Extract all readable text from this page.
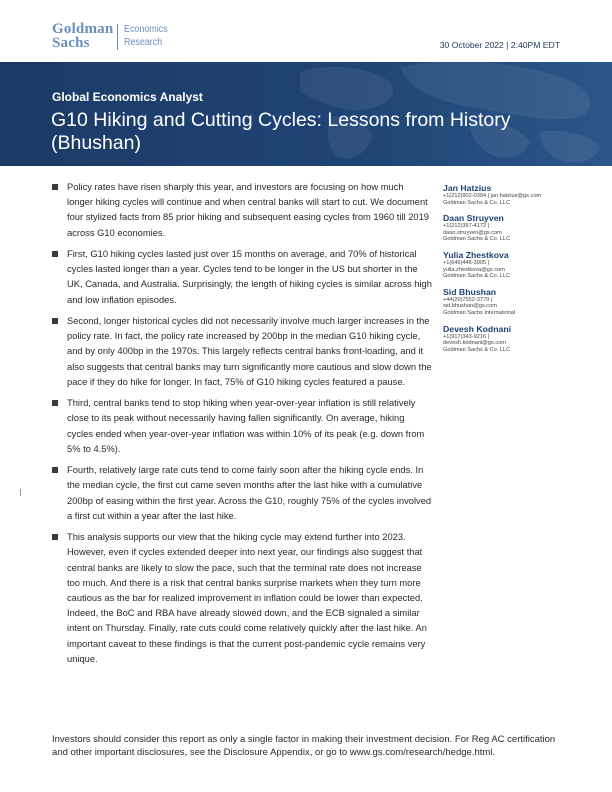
Goldman
Sachs
Economics
Research	30 October 2022 | 2:40PM EDT
Global Economics Analyst
G10 Hiking and Cutting Cycles: Lessons from History (Bhushan)
Policy rates have risen sharply this year, and investors are focusing on how much longer hiking cycles will continue and when central banks will start to cut. We document four stylized facts from 85 prior hiking and subsequent easing cycles from 1960 till 2019 across G10 economies.
First, G10 hiking cycles lasted just over 15 months on average, and 70% of historical cycles lasted longer than a year. Cycles tend to be longer in the US but shorter in the UK, Canada, and Australia. Surprisingly, the length of hiking cycles is similar across high and low inflation episodes.
Second, longer historical cycles did not necessarily involve much larger increases in the policy rate. In fact, the policy rate increased by 200bp in the median G10 hiking cycle, and by only 400bp in the 1970s. This largely reflects central banks front-loading, and it also suggests that central banks may turn significantly more cautious and slow down the pace if they do hike for longer. In fact, 75% of G10 hiking cycles featured a pause.
Third, central banks tend to stop hiking when year-over-year inflation is still relatively close to its peak without necessarily having fallen significantly. On average, hiking cycles ended when year-over-year inflation was within 10% of its peak (e.g. down from 5% to 4.5%).
Fourth, relatively large rate cuts tend to come fairly soon after the hiking cycle ends. In the median cycle, the first cut came seven months after the last hike with a cumulative 200bp of easing within the first year. Across the G10, roughly 75% of the cycles involved a first cut within a year after the last hike.
This analysis supports our view that the hiking cycle may extend further into 2023. However, even if cycles extended deeper into next year, our findings also suggest that central banks are likely to slow the pace, such that the terminal rate does not increase too much. And there is a risk that central banks surprise markets when they turn more cautious as the bar for realized improvement in inflation could be lower than expected. Indeed, the BoC and RBA have already slowed down, and the ECB signaled a similar intent on Thursday. Finally, rate cuts could come relatively quickly after the last hike. An important caveat to these findings is that the current post-pandemic cycle remains very unique.
Jan Hatzius
+1(212)902-0394 | jan.hatzius@gs.com
Goldman Sachs & Co. LLC
Daan Struyven
+1(212)357-4172 |
daan.struyven@gs.com
Goldman Sachs & Co. LLC
Yulia Zhestkova
+1(646)446-3905 |
yulia.zhestkova@gs.com
Goldman Sachs & Co. LLC
Sid Bhushan
+44(20)7552-3779 |
sid.bhushan@gs.com
Goldman Sachs International
Devesh Kodnani
+1(917)343-9216 |
devesh.kodnani@gs.com
Goldman Sachs & Co. LLC
Investors should consider this report as only a single factor in making their investment decision. For Reg AC certification and other important disclosures, see the Disclosure Appendix, or go to www.gs.com/research/hedge.html.
